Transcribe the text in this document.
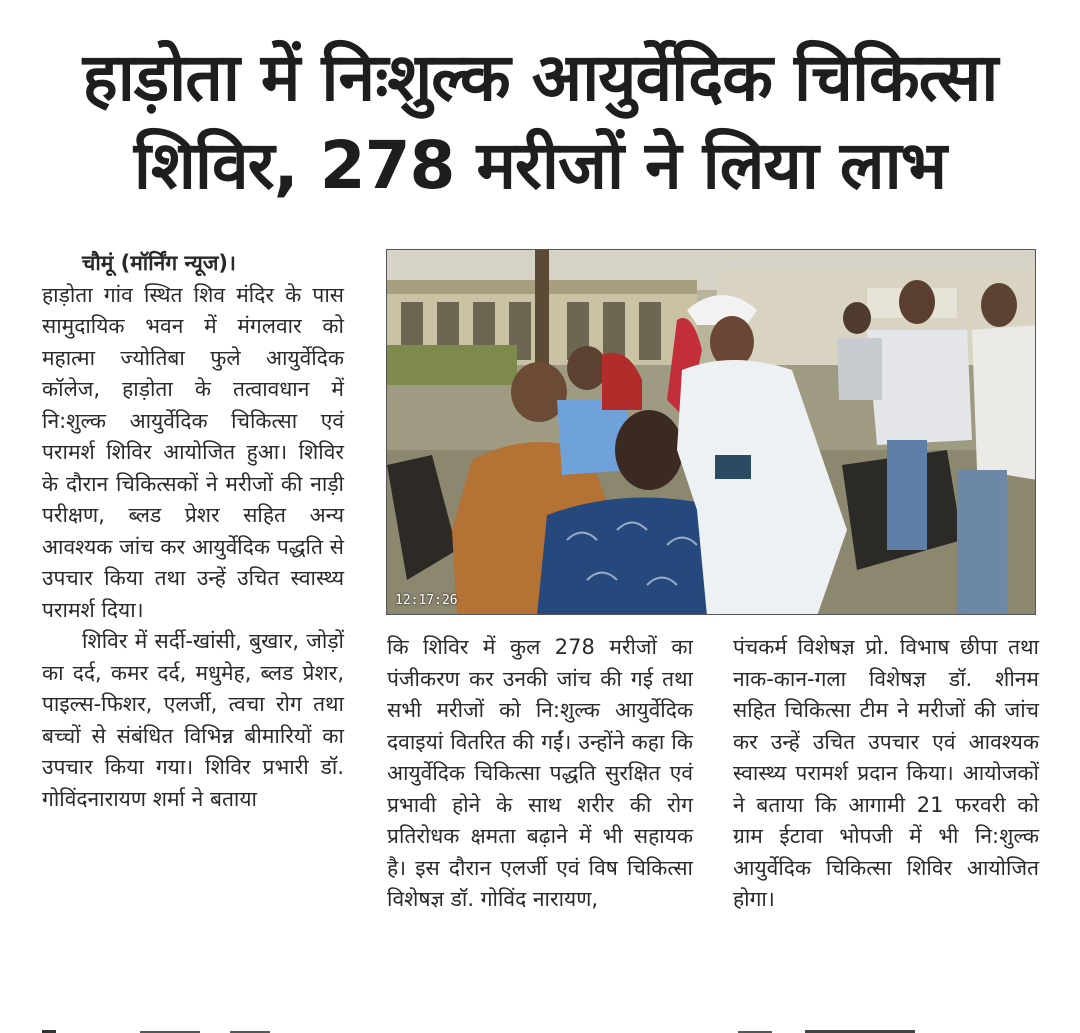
हाड़ोता में निःशुल्क आयुर्वेदिक चिकित्सा
शिविर, 278 मरीजों ने लिया लाभ

चौमूं (मॉर्निंग न्यूज)।

हाड़ोता गांव स्थित शिव मंदिर के पास सामुदायिक भवन में मंगलवार को महात्मा ज्योतिबा फुले आयुर्वेदिक कॉलेज, हाड़ोता के तत्वावधान में नि:शुल्क आयुर्वेदिक चिकित्सा एवं परामर्श शिविर आयोजित हुआ। शिविर के दौरान चिकित्सकों ने मरीजों की नाड़ी परीक्षण, ब्लड प्रेशर सहित अन्य आवश्यक जांच कर आयुर्वेदिक पद्धति से उपचार किया तथा उन्हें उचित स्वास्थ्य परामर्श दिया।

शिविर में सर्दी-खांसी, बुखार, जोड़ों का दर्द, कमर दर्द, मधुमेह, ब्लड प्रेशर, पाइल्स-फिशर, एलर्जी, त्वचा रोग तथा बच्चों से संबंधित विभिन्न बीमारियों का उपचार किया गया। शिविर प्रभारी डॉ. गोविंदनारायण शर्मा ने बताया

12:17:26

कि शिविर में कुल 278 मरीजों का पंजीकरण कर उनकी जांच की गई तथा सभी मरीजों को नि:शुल्क आयुर्वेदिक दवाइयां वितरित की गईं। उन्होंने कहा कि आयुर्वेदिक चिकित्सा पद्धति सुरक्षित एवं प्रभावी होने के साथ शरीर की रोग प्रतिरोधक क्षमता बढ़ाने में भी सहायक है। इस दौरान एलर्जी एवं विष चिकित्सा विशेषज्ञ डॉ. गोविंद नारायण,

पंचकर्म विशेषज्ञ प्रो. विभाष छीपा तथा नाक-कान-गला विशेषज्ञ डॉ. शीनम सहित चिकित्सा टीम ने मरीजों की जांच कर उन्हें उचित उपचार एवं आवश्यक स्वास्थ्य परामर्श प्रदान किया। आयोजकों ने बताया कि आगामी 21 फरवरी को ग्राम ईटावा भोपजी में भी नि:शुल्क आयुर्वेदिक चिकित्सा शिविर आयोजित होगा।
